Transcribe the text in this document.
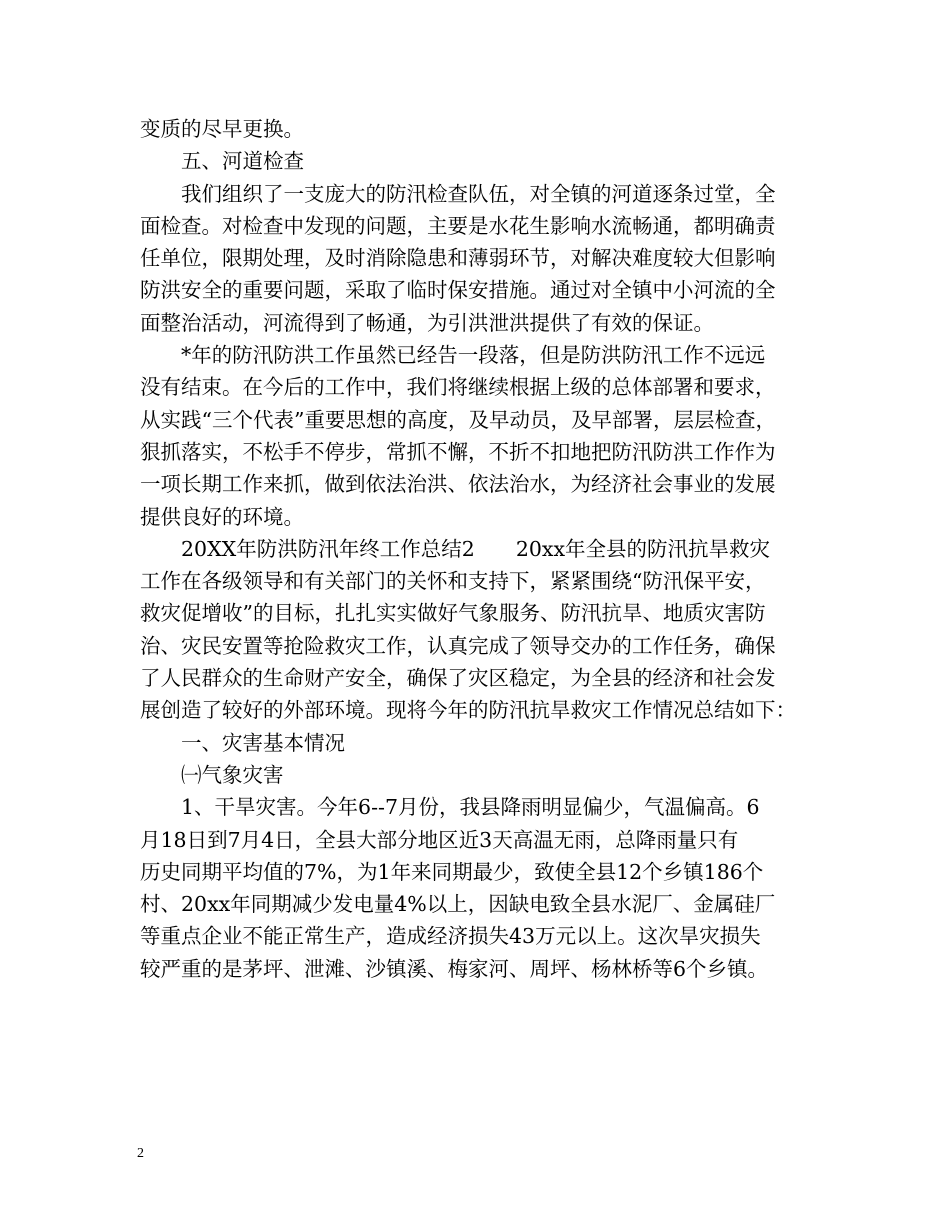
变质的尽早更换。
五、河道检查
我们组织了一支庞大的防汛检查队伍，对全镇的河道逐条过堂，全
面检查。对检查中发现的问题，主要是水花生影响水流畅通，都明确责
任单位，限期处理，及时消除隐患和薄弱环节，对解决难度较大但影响
防洪安全的重要问题，采取了临时保安措施。通过对全镇中小河流的全
面整治活动，河流得到了畅通，为引洪泄洪提供了有效的保证。
*年的防汛防洪工作虽然已经告一段落，但是防洪防汛工作不远远
没有结束。在今后的工作中，我们将继续根据上级的总体部署和要求，
从实践“三个代表”重要思想的高度，及早动员，及早部署，层层检查，
狠抓落实，不松手不停步，常抓不懈，不折不扣地把防汛防洪工作作为
一项长期工作来抓，做到依法治洪、依法治水，为经济社会事业的发展
提供良好的环境。
20XX年防洪防汛年终工作总结2　　20xx年全县的防汛抗旱救灾
工作在各级领导和有关部门的关怀和支持下，紧紧围绕“防汛保平安，
救灾促增收”的目标，扎扎实实做好气象服务、防汛抗旱、地质灾害防
治、灾民安置等抢险救灾工作，认真完成了领导交办的工作任务，确保
了人民群众的生命财产安全，确保了灾区稳定，为全县的经济和社会发
展创造了较好的外部环境。现将今年的防汛抗旱救灾工作情况总结如下：
一、灾害基本情况
㈠气象灾害
1、干旱灾害。今年6--7月份，我县降雨明显偏少，气温偏高。6
月18日到7月4日，全县大部分地区近3天高温无雨，总降雨量只有
历史同期平均值的7%，为1年来同期最少，致使全县12个乡镇186个
村、20xx年同期减少发电量4%以上，因缺电致全县水泥厂、金属硅厂
等重点企业不能正常生产，造成经济损失43万元以上。这次旱灾损失
较严重的是茅坪、泄滩、沙镇溪、梅家河、周坪、杨林桥等6个乡镇。
2
